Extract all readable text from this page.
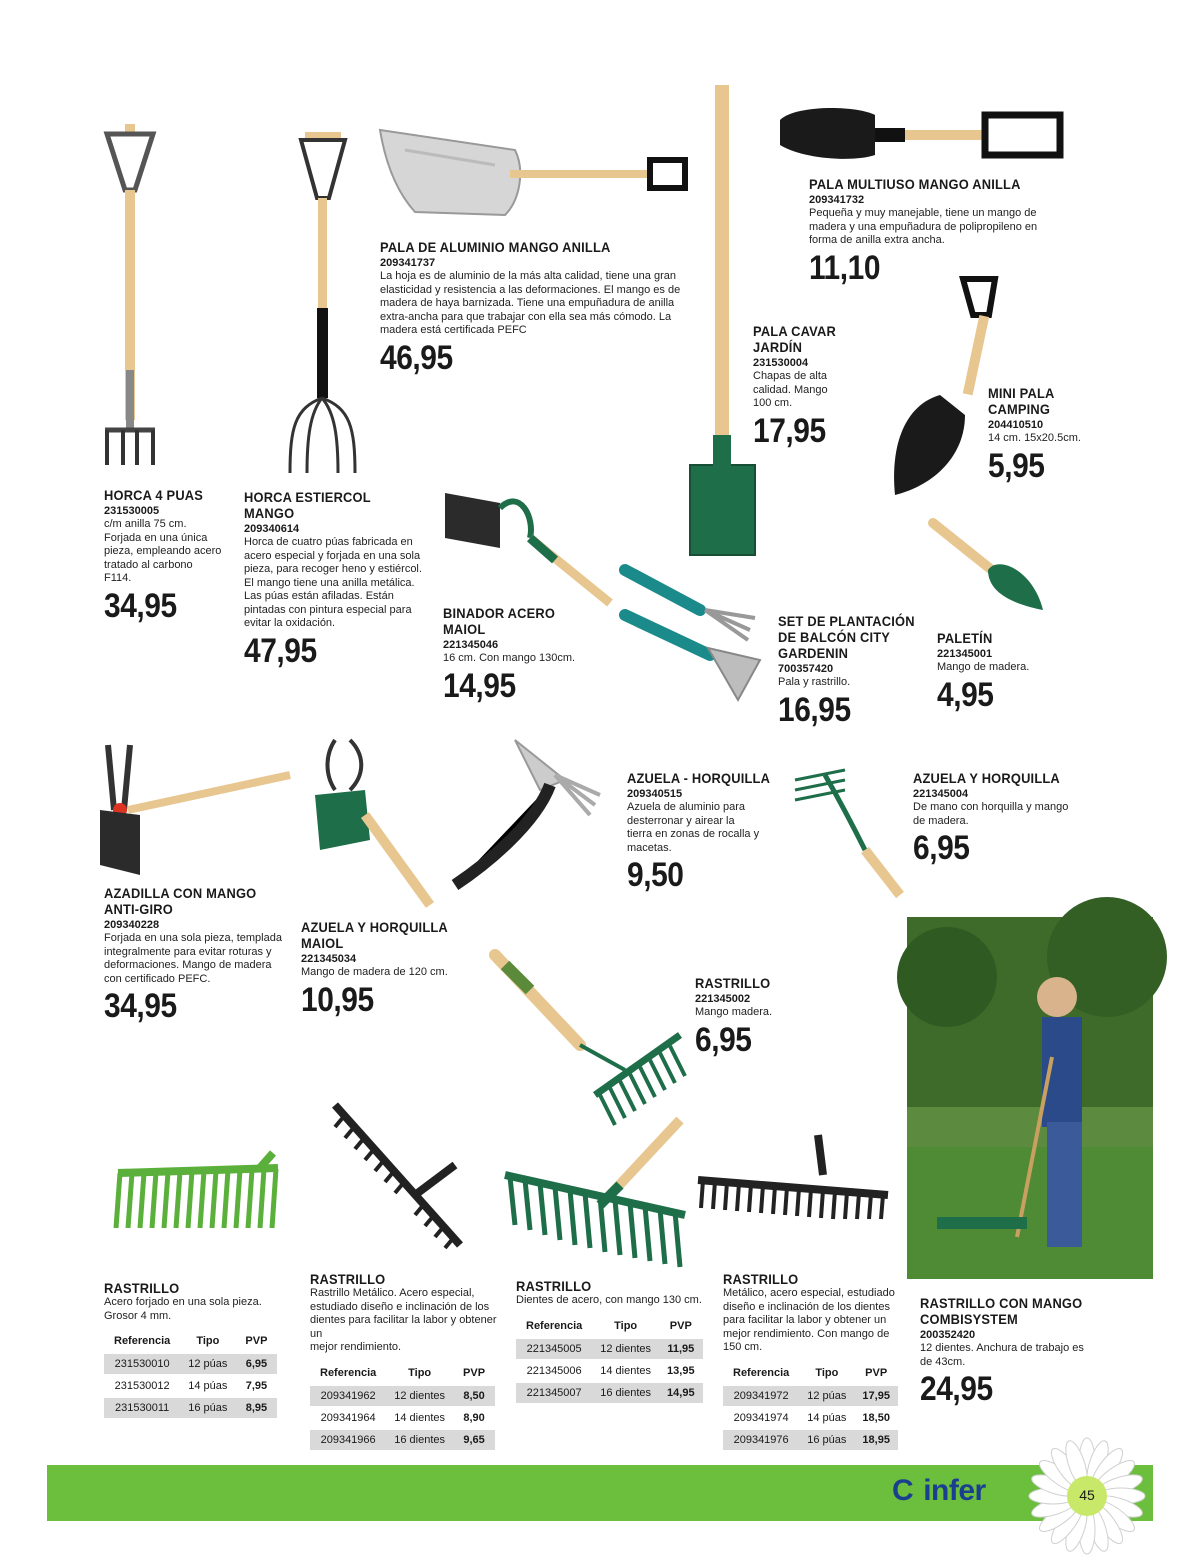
HORCA 4 PUAS

231530005

c/m anilla 75 cm.
Forjada en una única
pieza, empleando acero
tratado al carbono
F114.

34,95

HORCA ESTIERCOL MANGO

209340614

Horca de cuatro púas fabricada en
acero especial y forjada en una sola
pieza, para recoger heno y estiércol.
El mango tiene una anilla metálica.
Las púas están afiladas. Están
pintadas con pintura especial para
evitar la oxidación.

47,95

PALA DE ALUMINIO MANGO ANILLA

209341737

La hoja es de aluminio de la más alta calidad, tiene una gran
elasticidad y resistencia a las deformaciones. El mango es de
madera de haya barnizada. Tiene una empuñadura de anilla
extra-ancha para que trabajar con ella sea más cómodo. La
madera está certificada PEFC

46,95

PALA CAVAR
JARDÍN

231530004

Chapas de alta
calidad. Mango
100 cm.

17,95

PALA MULTIUSO MANGO ANILLA

209341732

Pequeña y muy manejable, tiene un mango de
madera y una empuñadura de polipropileno en
forma de anilla extra ancha.

11,10

MINI PALA
CAMPING

204410510

14 cm. 15x20.5cm.

5,95

BINADOR ACERO
MAIOL

221345046

16 cm. Con mango 130cm.

14,95

SET DE PLANTACIÓN
DE BALCÓN CITY
GARDENIN

700357420

Pala y rastrillo.

16,95

PALETÍN

221345001

Mango de madera.

4,95

AZADILLA CON MANGO
ANTI-GIRO

209340228

Forjada en una sola pieza, templada
integralmente para evitar roturas y
deformaciones. Mango de madera
con certificado PEFC.

34,95

AZUELA Y HORQUILLA
MAIOL

221345034

Mango de madera de 120 cm.

10,95

AZUELA - HORQUILLA

209340515

Azuela de aluminio para
desterronar y airear la
tierra en zonas de rocalla y
macetas.

9,50

AZUELA Y HORQUILLA

221345004

De mano con horquilla y mango
de madera.

6,95

RASTRILLO

221345002

Mango madera.

6,95

RASTRILLO CON MANGO
COMBISYSTEM

200352420

12 dientes. Anchura de trabajo es
de 43cm.

24,95

RASTRILLO

Acero forjado en una sola pieza.
Grosor 4 mm.

Referencia	Tipo	PVP
231530010	12 púas	6,95
231530012	14 púas	7,95
231530011	16 púas	8,95
RASTRILLO

Rastrillo Metálico. Acero especial,
estudiado diseño e inclinación de los
dientes para facilitar la labor y obtener un
mejor rendimiento.

Referencia	Tipo	PVP
209341962	12 dientes	8,50
209341964	14 dientes	8,90
209341966	16 dientes	9,65
RASTRILLO

Dientes de acero, con mango 130 cm.

Referencia	Tipo	PVP
221345005	12 dientes	11,95
221345006	14 dientes	13,95
221345007	16 dientes	14,95
RASTRILLO

Metálico, acero especial, estudiado
diseño e inclinación de los dientes
para facilitar la labor y obtener un
mejor rendimiento. Con mango de
150 cm.

Referencia	Tipo	PVP
209341972	12 púas	17,95
209341974	14 púas	18,50
209341976	16 púas	18,95
C•infer
FERRETERÍAS
45
